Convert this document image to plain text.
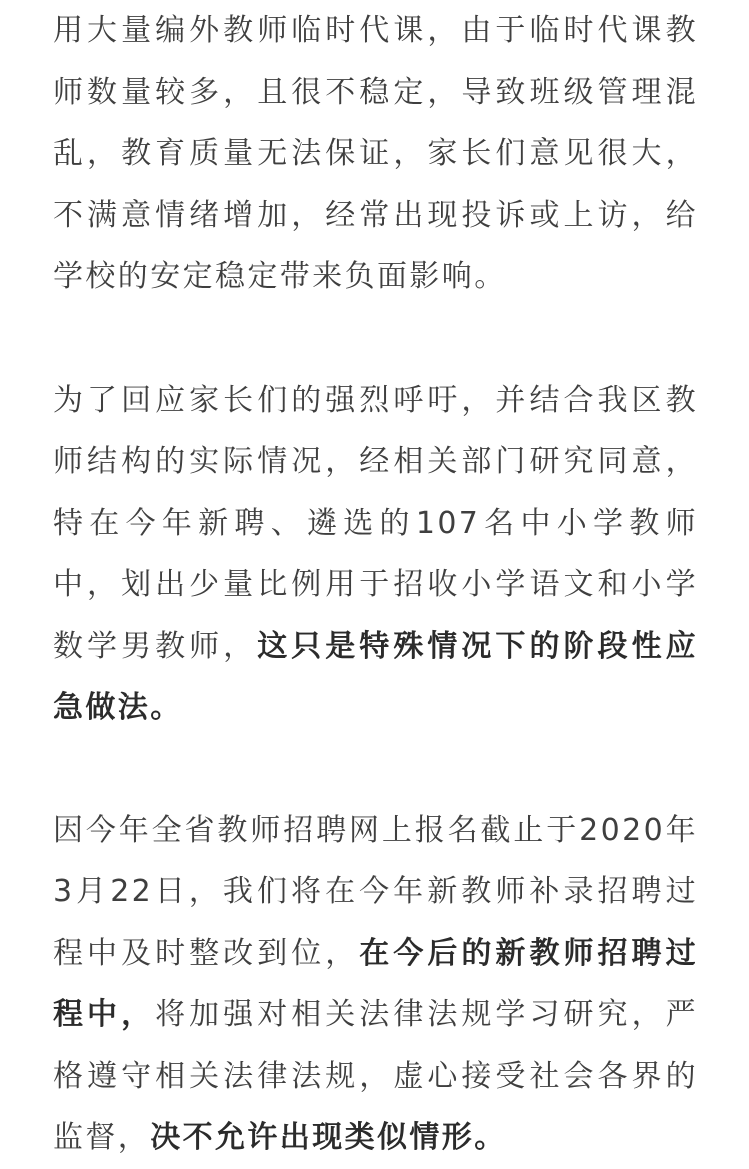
用大量编外教师临时代课，由于临时代课教师数量较多，且很不稳定，导致班级管理混乱，教育质量无法保证，家长们意见很大，不满意情绪增加，经常出现投诉或上访，给学校的安定稳定带来负面影响。

为了回应家长们的强烈呼吁，并结合我区教师结构的实际情况，经相关部门研究同意，特在今年新聘、遴选的107名中小学教师中，划出少量比例用于招收小学语文和小学数学男教师，这只是特殊情况下的阶段性应急做法。

因今年全省教师招聘网上报名截止于2020年3月22日，我们将在今年新教师补录招聘过程中及时整改到位，在今后的新教师招聘过程中，将加强对相关法律法规学习研究，严格遵守相关法律法规，虚心接受社会各界的监督，决不允许出现类似情形。
